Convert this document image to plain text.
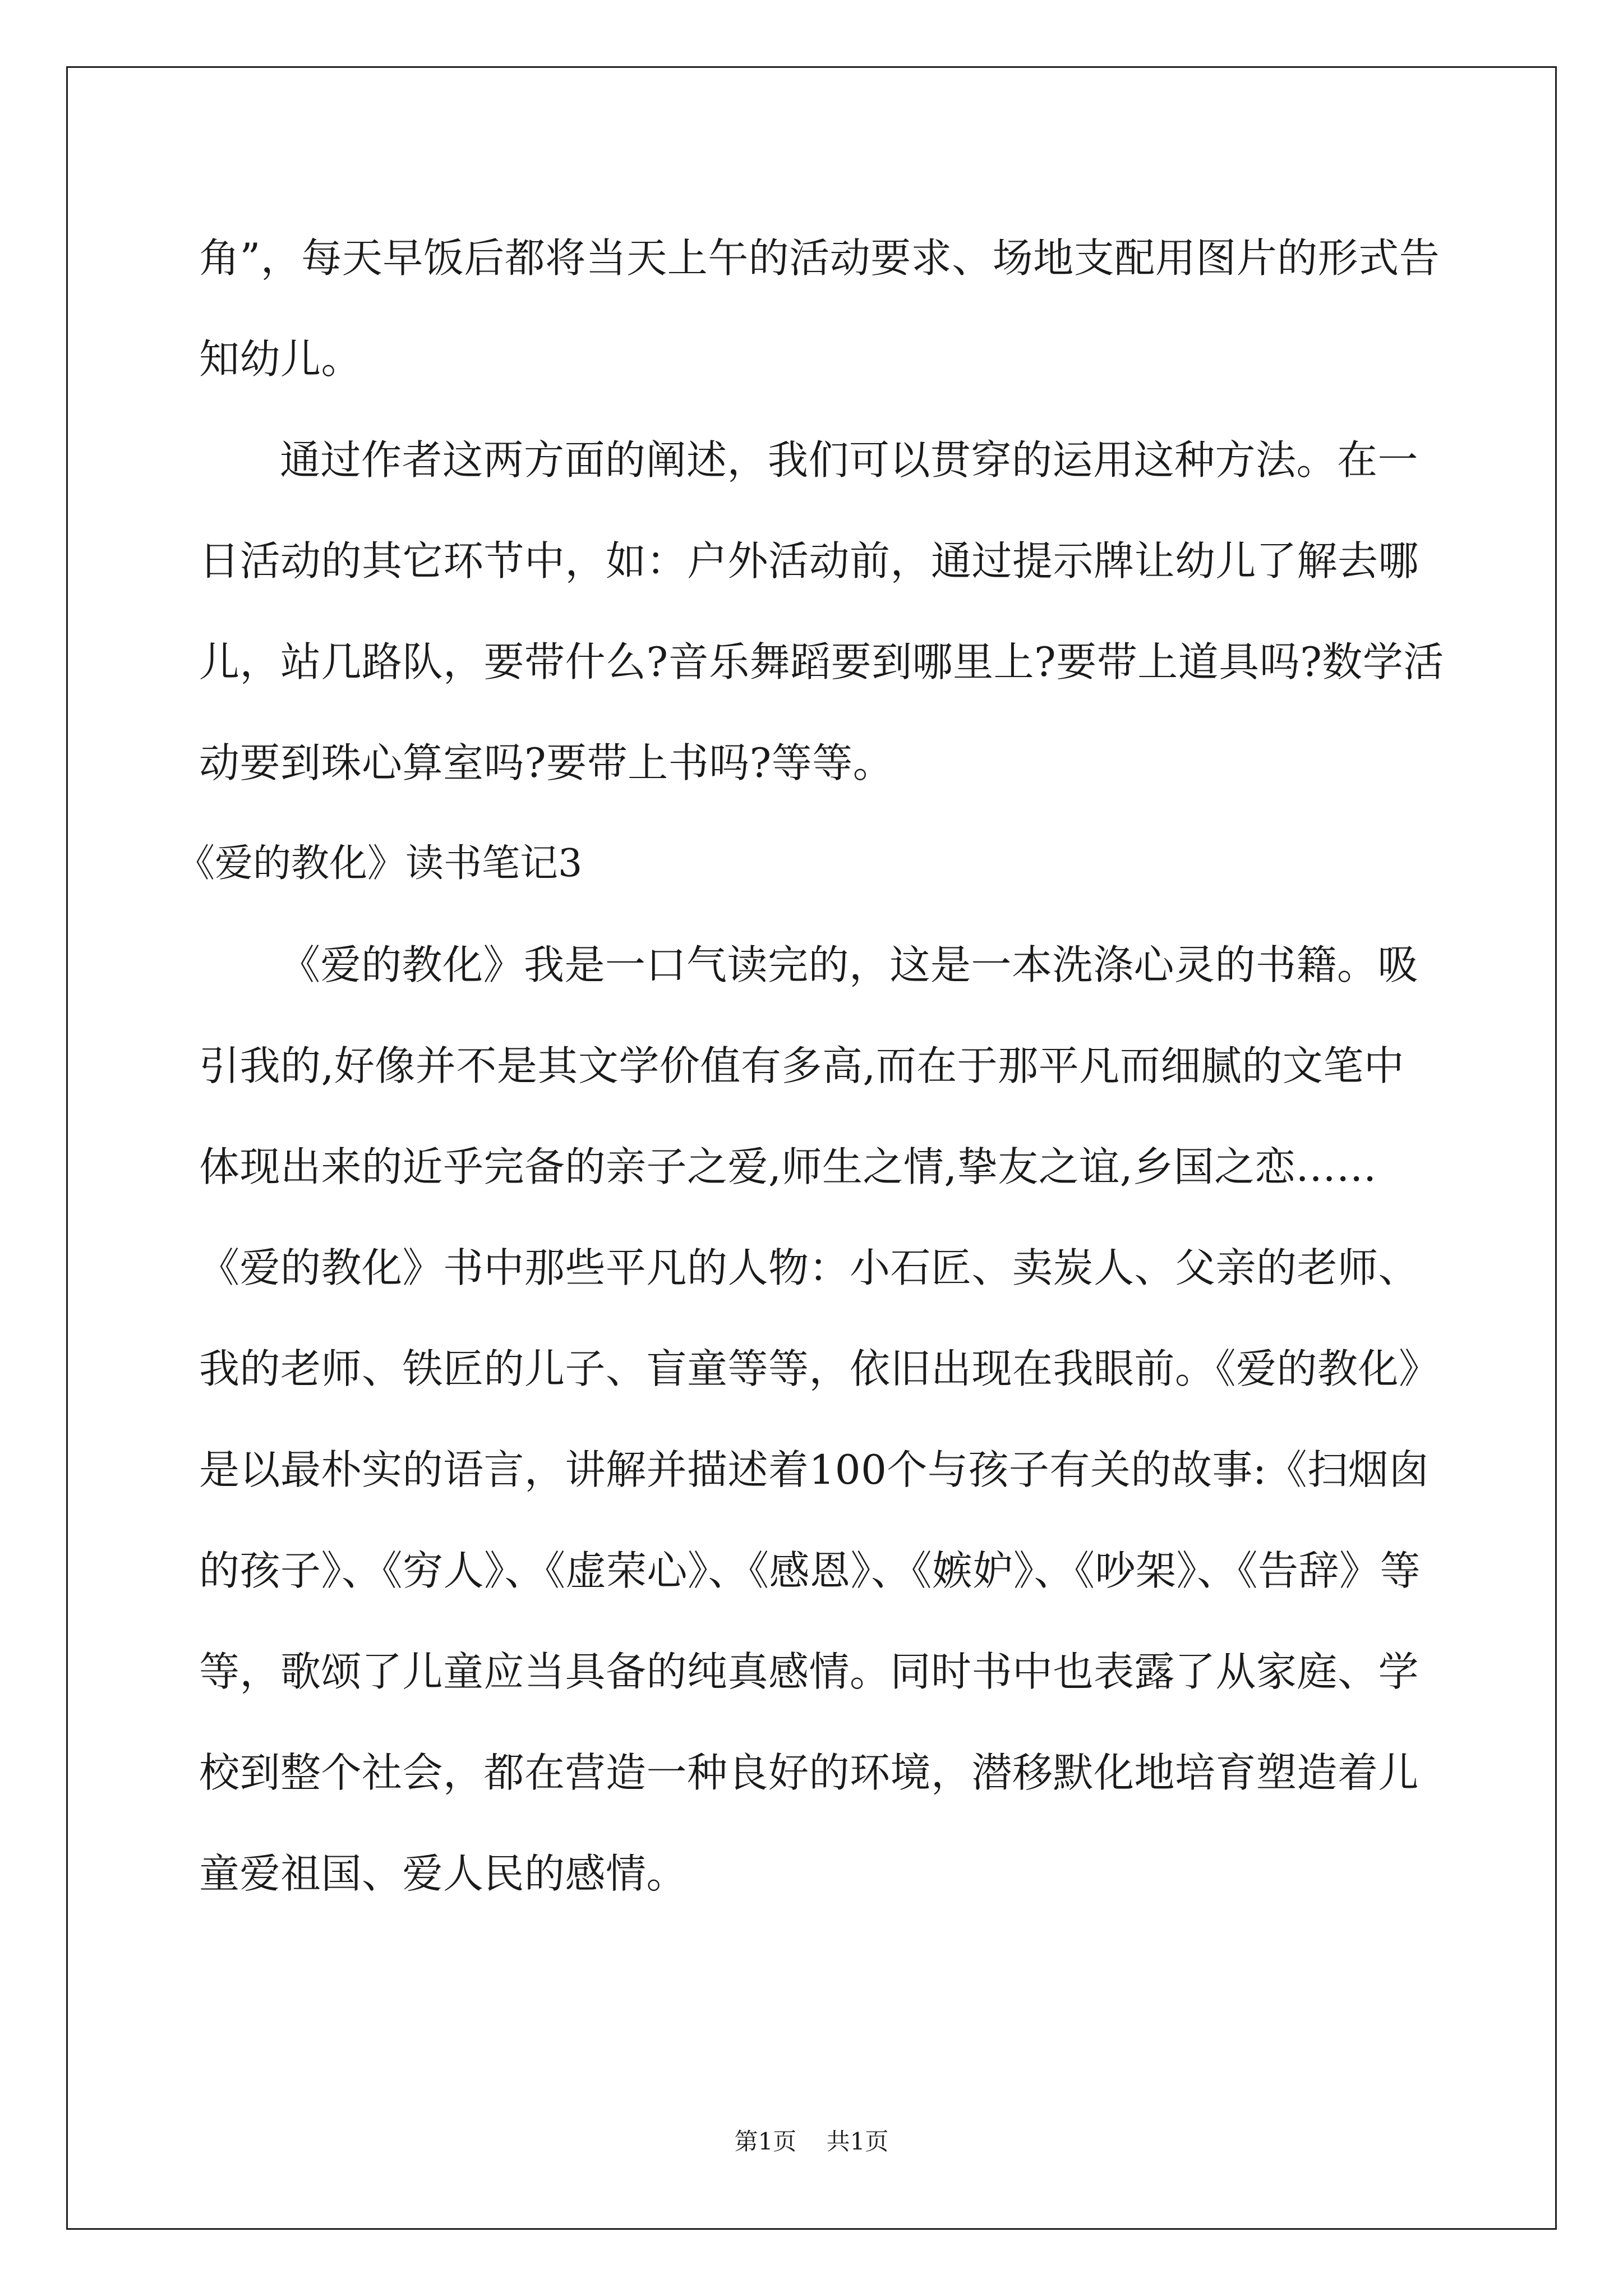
角”，每天早饭后都将当天上午的活动要求、场地支配用图片的形式告
知幼儿。
通过作者这两方面的阐述，我们可以贯穿的运用这种方法。在一
日活动的其它环节中，如：户外活动前，通过提示牌让幼儿了解去哪
儿，站几路队，要带什么?音乐舞蹈要到哪里上?要带上道具吗?数学活
动要到珠心算室吗?要带上书吗?等等。
《爱的教化》读书笔记3
《爱的教化》我是一口气读完的，这是一本洗涤心灵的书籍。吸
引我的,好像并不是其文学价值有多高,而在于那平凡而细腻的文笔中
体现出来的近乎完备的亲子之爱,师生之情,挚友之谊,乡国之恋……
《爱的教化》书中那些平凡的人物：小石匠、卖炭人、父亲的老师、
我的老师、铁匠的儿子、盲童等等，依旧出现在我眼前。《爱的教化》
是以最朴实的语言，讲解并描述着100个与孩子有关的故事:《扫烟囱
的孩子》、《穷人》、《虚荣心》、《感恩》、《嫉妒》、《吵架》、《告辞》等
等，歌颂了儿童应当具备的纯真感情。同时书中也表露了从家庭、学
校到整个社会，都在营造一种良好的环境，潜移默化地培育塑造着儿
童爱祖国、爱人民的感情。
第1页 共1页
